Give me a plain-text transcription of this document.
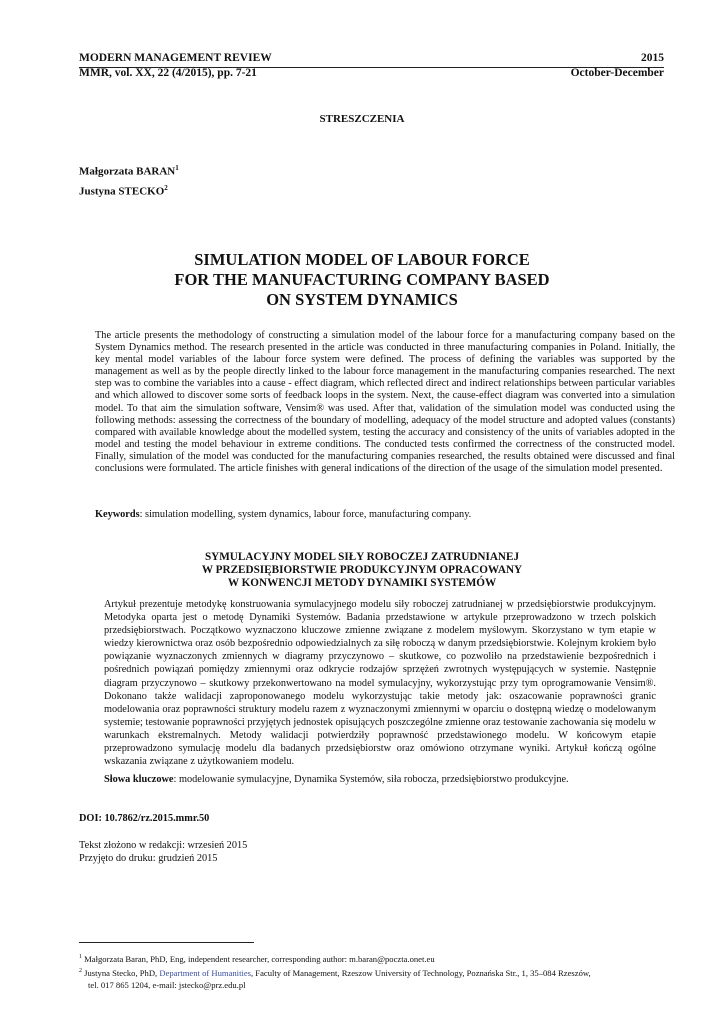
MODERN MANAGEMENT REVIEW	2015
MMR, vol. XX, 22 (4/2015), pp. 7-21	October-December
STRESZCZENIA
Małgorzata BARAN$^1$
Justyna STECKO$^2$
SIMULATION MODEL OF LABOUR FORCE
FOR THE MANUFACTURING COMPANY BASED
ON SYSTEM DYNAMICS
The article presents the methodology of constructing a simulation model of the labour force for a manufacturing company based on the System Dynamics method. The research presented in the article was conducted in three manufacturing companies in Poland. Initially, the key mental model variables of the labour force system were defined. The process of defining the variables was supported by the management as well as by the people directly linked to the labour force management in the manufacturing companies researched. The next step was to combine the variables into a cause - effect diagram, which reflected direct and indirect relationships between particular variables and which allowed to discover some sorts of feedback loops in the system. Next, the cause-effect diagram was converted into a simulation model. To that aim the simulation software, Vensim® was used. After that, validation of the simulation model was conducted using the following methods: assessing the correctness of the boundary of modelling, adequacy of the model structure and adopted values (constants) compared with available knowledge about the modelled system, testing the accuracy and consistency of the units of variables adopted in the model and testing the model behaviour in extreme conditions. The conducted tests confirmed the correctness of the constructed model. Finally, simulation of the model was conducted for the manufacturing companies researched, the results obtained were discussed and final conclusions were formulated. The article finishes with general indications of the direction of the usage of the simulation model presented.
Keywords: simulation modelling, system dynamics, labour force, manufacturing company.
SYMULACYJNY MODEL SIŁY ROBOCZEJ ZATRUDNIANEJ
W PRZEDSIĘBIORSTWIE PRODUKCYJNYM OPRACOWANY
W KONWENCJI METODY DYNAMIKI SYSTEMÓW
Artykuł prezentuje metodykę konstruowania symulacyjnego modelu siły roboczej zatrudnianej w przedsiębiorstwie produkcyjnym. Metodyka oparta jest o metodę Dynamiki Systemów. Badania przedstawione w artykule przeprowadzono w trzech polskich przedsiębiorstwach. Początkowo wyznaczono kluczowe zmienne związane z modelem myślowym. Skorzystano w tym etapie w wiedzy kierownictwa oraz osób bezpośrednio odpowiedzialnych za siłę roboczą w danym przedsiębiorstwie. Kolejnym krokiem było powiązanie wyznaczonych zmiennych w diagramy przyczynowo – skutkowe, co pozwoliło na przedstawienie bezpośrednich i pośrednich powiązań pomiędzy zmiennymi oraz odkrycie rodzajów sprzężeń zwrotnych występujących w systemie. Następnie diagram przyczynowo – skutkowy przekonwertowano na model symulacyjny, wykorzystując przy tym oprogramowanie Vensim®. Dokonano także walidacji zaproponowanego modelu wykorzystując takie metody jak: oszacowanie poprawności granic modelowania oraz poprawności struktury modelu razem z wyznaczonymi zmiennymi w oparciu o dostępną wiedzę o modelowanym systemie; testowanie poprawności przyjętych jednostek opisujących poszczególne zmienne oraz testowanie zachowania się modelu w warunkach ekstremalnych. Metody walidacji potwierdziły poprawność przedstawionego modelu. W końcowym etapie przeprowadzono symulację modelu dla badanych przedsiębiorstw oraz omówiono otrzymane wyniki. Artykuł kończą ogólne wskazania związane z użytkowaniem modelu.
Słowa kluczowe: modelowanie symulacyjne, Dynamika Systemów, siła robocza, przedsiębiorstwo produkcyjne.
DOI: 10.7862/rz.2015.mmr.50
Tekst złożono w redakcji: wrzesień 2015
Przyjęto do druku: grudzień 2015
$^1$ Małgorzata Baran, PhD, Eng, independent researcher, corresponding author: m.baran@poczta.onet.eu
$^2$ Justyna Stecko, PhD, Department of Humanities, Faculty of Management, Rzeszow University of Technology, Poznańska Str., 1, 35–084 Rzeszów,
tel. 017 865 1204, e-mail: jstecko@prz.edu.pl
